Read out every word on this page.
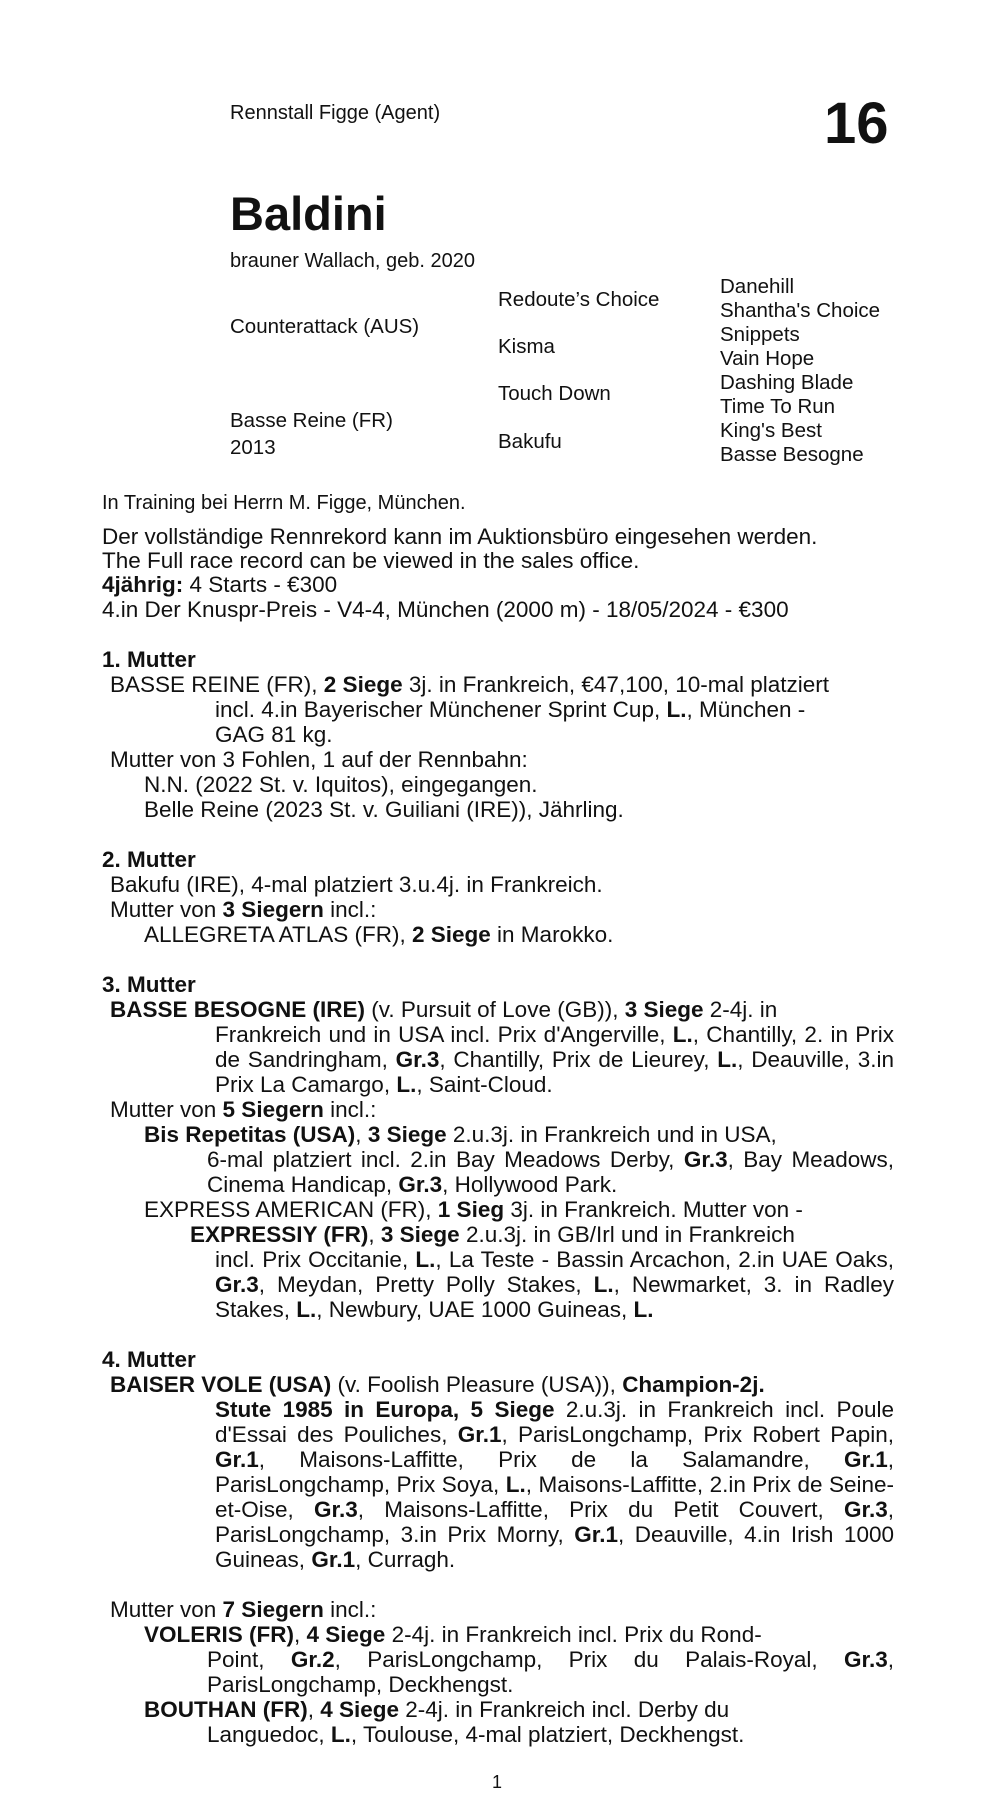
Rennstall Figge (Agent)	16
Baldini
brauner Wallach, geb. 2020
Counterattack (AUS)
Basse Reine (FR)
2013
Redoute’s Choice
Kisma
Touch Down
Bakufu
Danehill
Shantha's Choice
Snippets
Vain Hope
Dashing Blade
Time To Run
King's Best
Basse Besogne
In Training bei Herrn M. Figge, München.
Der vollständige Rennrekord kann im Auktionsbüro eingesehen werden.
The Full race record can be viewed in the sales office.
4jährig: 4 Starts - €300
4.in Der Knuspr-Preis - V4-4, München (2000 m) - 18/05/2024 - €300
1. Mutter
BASSE REINE (FR), 2 Siege 3j. in Frankreich, €47,100, 10-mal platziert
incl. 4.in Bayerischer Münchener Sprint Cup, L., München -
GAG 81 kg.
Mutter von 3 Fohlen, 1 auf der Rennbahn:
N.N. (2022 St. v. Iquitos), eingegangen.
Belle Reine (2023 St. v. Guiliani (IRE)), Jährling.
2. Mutter
Bakufu (IRE), 4-mal platziert 3.u.4j. in Frankreich.
Mutter von 3 Siegern incl.:
ALLEGRETA ATLAS (FR), 2 Siege in Marokko.
3. Mutter
BASSE BESOGNE (IRE) (v. Pursuit of Love (GB)), 3 Siege 2-4j. in
Frankreich und in USA incl. Prix d'Angerville, L., Chantilly, 2. in Prix de Sandringham, Gr.3, Chantilly, Prix de Lieurey, L., Deauville, 3.in Prix La Camargo, L., Saint-Cloud.
Mutter von 5 Siegern incl.:
Bis Repetitas (USA), 3 Siege 2.u.3j. in Frankreich und in USA,
6-mal platziert incl. 2.in Bay Meadows Derby, Gr.3, Bay Meadows, Cinema Handicap, Gr.3, Hollywood Park.
EXPRESS AMERICAN (FR), 1 Sieg 3j. in Frankreich. Mutter von -
EXPRESSIY (FR), 3 Siege 2.u.3j. in GB/Irl und in Frankreich
incl. Prix Occitanie, L., La Teste - Bassin Arcachon, 2.in UAE Oaks, Gr.3, Meydan, Pretty Polly Stakes, L., Newmarket, 3. in Radley Stakes, L., Newbury, UAE 1000 Guineas, L.
4. Mutter
BAISER VOLE (USA) (v. Foolish Pleasure (USA)), Champion-2j.
Stute 1985 in Europa, 5 Siege 2.u.3j. in Frankreich incl. Poule d'Essai des Pouliches, Gr.1, ParisLongchamp, Prix Robert Papin, Gr.1, Maisons-Laffitte, Prix de la Salamandre, Gr.1, ParisLongchamp, Prix Soya, L., Maisons-Laffitte, 2.in Prix de Seine-et-Oise, Gr.3, Maisons-Laffitte, Prix du Petit Couvert, Gr.3, ParisLongchamp, 3.in Prix Morny, Gr.1, Deauville, 4.in Irish 1000 Guineas, Gr.1, Curragh.
Mutter von 7 Siegern incl.:
VOLERIS (FR), 4 Siege 2-4j. in Frankreich incl. Prix du Rond-
Point, Gr.2, ParisLongchamp, Prix du Palais-Royal, Gr.3, ParisLongchamp, Deckhengst.
BOUTHAN (FR), 4 Siege 2-4j. in Frankreich incl. Derby du
Languedoc, L., Toulouse, 4-mal platziert, Deckhengst.
1
